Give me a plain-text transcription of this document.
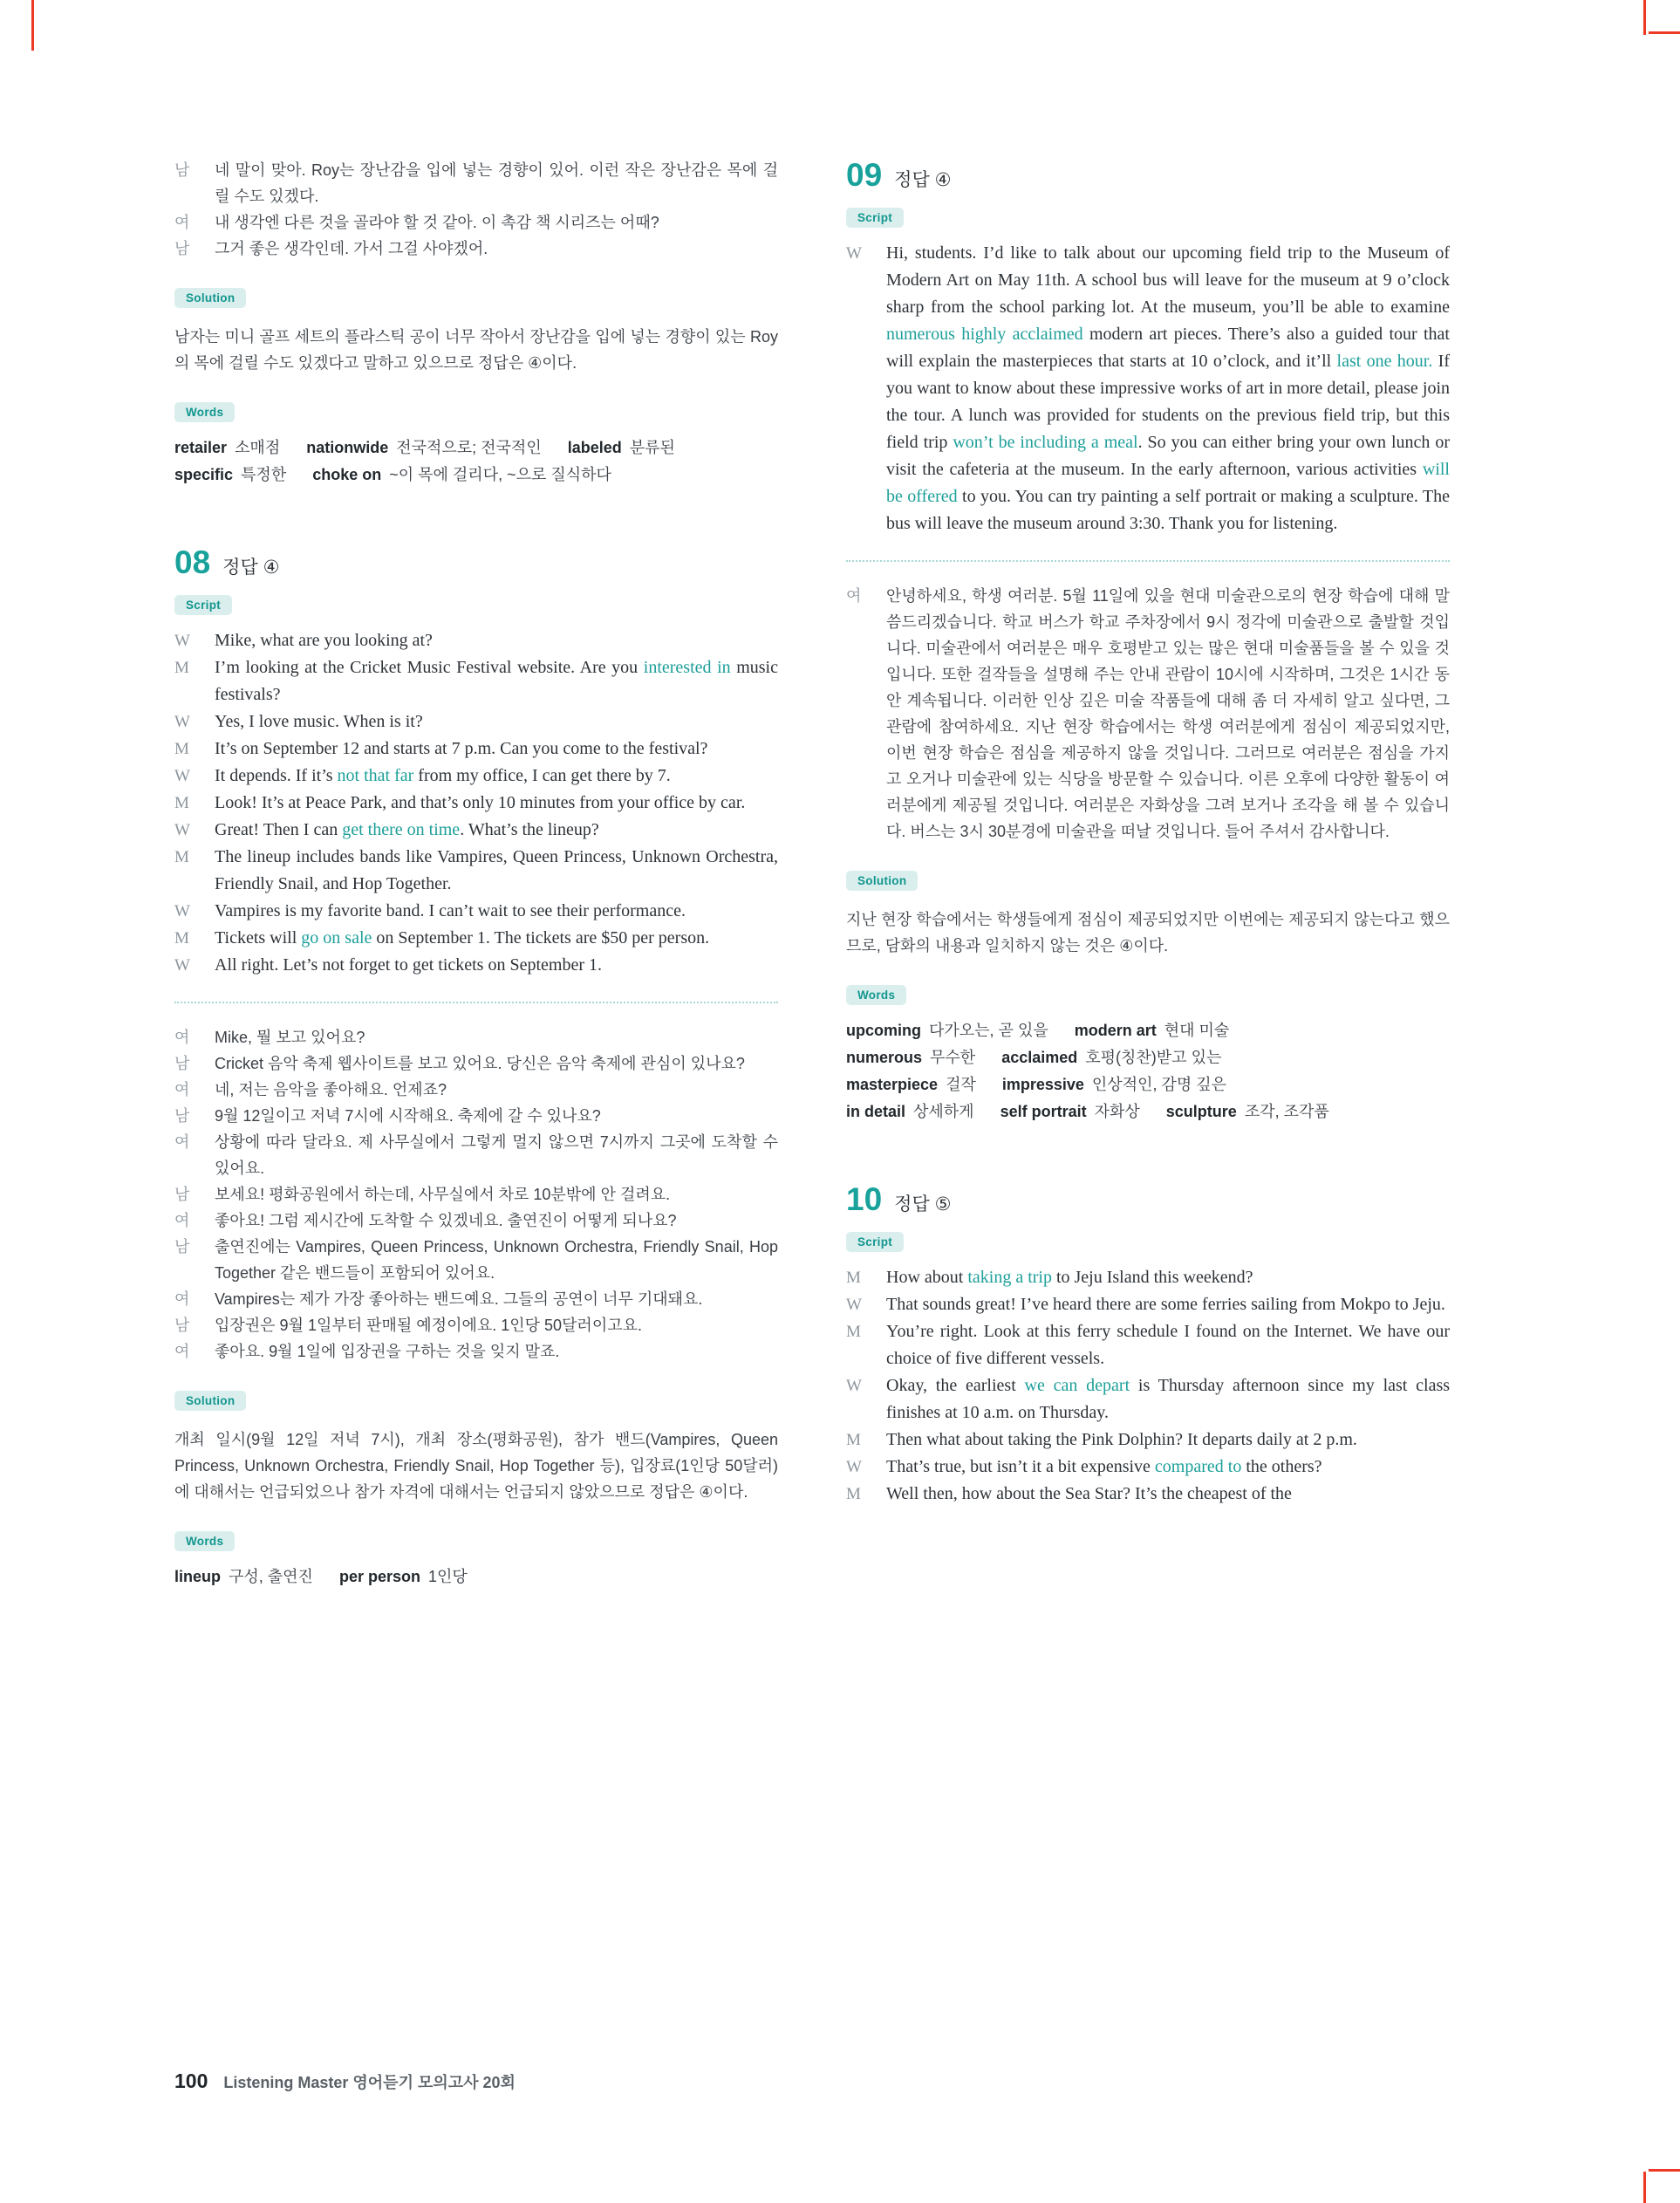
남	네 말이 맞아. Roy는 장난감을 입에 넣는 경향이 있어. 이런 작은 장난감은 목에 걸릴 수도 있겠다.
여	내 생각엔 다른 것을 골라야 할 것 같아. 이 촉감 책 시리즈는 어때?
남	그거 좋은 생각인데. 가서 그걸 사야겠어.
Solution

남자는 미니 골프 세트의 플라스틱 공이 너무 작아서 장난감을 입에 넣는 경향이 있는 Roy의 목에 걸릴 수도 있겠다고 말하고 있으므로 정답은 ④이다.

Words
retailer 소매점 nationwide 전국적으로; 전국적인 labeled 분류된
specific 특정한 choke on ~이 목에 걸리다, ~으로 질식하다
08 정답 ④
Script
W	Mike, what are you looking at?
M	I’m looking at the Cricket Music Festival website. Are you interested in music festivals?
W	Yes, I love music. When is it?
M	It’s on September 12 and starts at 7 p.m. Can you come to the festival?
W	It depends. If it’s not that far from my office, I can get there by 7.
M	Look! It’s at Peace Park, and that’s only 10 minutes from your office by car.
W	Great! Then I can get there on time. What’s the lineup?
M	The lineup includes bands like Vampires, Queen Princess, Unknown Orchestra, Friendly Snail, and Hop Together.
W	Vampires is my favorite band. I can’t wait to see their performance.
M	Tickets will go on sale on September 1. The tickets are $50 per person.
W	All right. Let’s not forget to get tickets on September 1.
여	Mike, 뭘 보고 있어요?
남	Cricket 음악 축제 웹사이트를 보고 있어요. 당신은 음악 축제에 관심이 있나요?
여	네, 저는 음악을 좋아해요. 언제죠?
남	9월 12일이고 저녁 7시에 시작해요. 축제에 갈 수 있나요?
여	상황에 따라 달라요. 제 사무실에서 그렇게 멀지 않으면 7시까지 그곳에 도착할 수 있어요.
남	보세요! 평화공원에서 하는데, 사무실에서 차로 10분밖에 안 걸려요.
여	좋아요! 그럼 제시간에 도착할 수 있겠네요. 출연진이 어떻게 되나요?
남	출연진에는 Vampires, Queen Princess, Unknown Orchestra, Friendly Snail, Hop Together 같은 밴드들이 포함되어 있어요.
여	Vampires는 제가 가장 좋아하는 밴드예요. 그들의 공연이 너무 기대돼요.
남	입장권은 9월 1일부터 판매될 예정이에요. 1인당 50달러이고요.
여	좋아요. 9월 1일에 입장권을 구하는 것을 잊지 말죠.
Solution

개최 일시(9월 12일 저녁 7시), 개최 장소(평화공원), 참가 밴드(Vampires, Queen Princess, Unknown Orchestra, Friendly Snail, Hop Together 등), 입장료(1인당 50달러)에 대해서는 언급되었으나 참가 자격에 대해서는 언급되지 않았으므로 정답은 ④이다.

Words
lineup 구성, 출연진 per person 1인당
09 정답 ④
Script
W	Hi, students. I’d like to talk about our upcoming field trip to the Museum of Modern Art on May 11th. A school bus will leave for the museum at 9 o’clock sharp from the school parking lot. At the museum, you’ll be able to examine numerous highly acclaimed modern art pieces. There’s also a guided tour that will explain the masterpieces that starts at 10 o’clock, and it’ll last one hour. If you want to know about these impressive works of art in more detail, please join the tour. A lunch was provided for students on the previous field trip, but this field trip won’t be including a meal. So you can either bring your own lunch or visit the cafeteria at the museum. In the early afternoon, various activities will be offered to you. You can try painting a self portrait or making a sculpture. The bus will leave the museum around 3:30. Thank you for listening.
여	안녕하세요, 학생 여러분. 5월 11일에 있을 현대 미술관으로의 현장 학습에 대해 말씀드리겠습니다. 학교 버스가 학교 주차장에서 9시 정각에 미술관으로 출발할 것입니다. 미술관에서 여러분은 매우 호평받고 있는 많은 현대 미술품들을 볼 수 있을 것입니다. 또한 걸작들을 설명해 주는 안내 관람이 10시에 시작하며, 그것은 1시간 동안 계속됩니다. 이러한 인상 깊은 미술 작품들에 대해 좀 더 자세히 알고 싶다면, 그 관람에 참여하세요. 지난 현장 학습에서는 학생 여러분에게 점심이 제공되었지만, 이번 현장 학습은 점심을 제공하지 않을 것입니다. 그러므로 여러분은 점심을 가지고 오거나 미술관에 있는 식당을 방문할 수 있습니다. 이른 오후에 다양한 활동이 여러분에게 제공될 것입니다. 여러분은 자화상을 그려 보거나 조각을 해 볼 수 있습니다. 버스는 3시 30분경에 미술관을 떠날 것입니다. 들어 주셔서 감사합니다.
Solution

지난 현장 학습에서는 학생들에게 점심이 제공되었지만 이번에는 제공되지 않는다고 했으므로, 담화의 내용과 일치하지 않는 것은 ④이다.

Words
upcoming 다가오는, 곧 있을 modern art 현대 미술
numerous 무수한 acclaimed 호평(칭찬)받고 있는
masterpiece 걸작 impressive 인상적인, 감명 깊은
in detail 상세하게 self portrait 자화상 sculpture 조각, 조각품
10 정답 ⑤
Script
M	How about taking a trip to Jeju Island this weekend?
W	That sounds great! I’ve heard there are some ferries sailing from Mokpo to Jeju.
M	You’re right. Look at this ferry schedule I found on the Internet. We have our choice of five different vessels.
W	Okay, the earliest we can depart is Thursday afternoon since my last class finishes at 10 a.m. on Thursday.
M	Then what about taking the Pink Dolphin? It departs daily at 2 p.m.
W	That’s true, but isn’t it a bit expensive compared to the others?
M	Well then, how about the Sea Star? It’s the cheapest of the
100 Listening Master 영어듣기 모의고사 20회
